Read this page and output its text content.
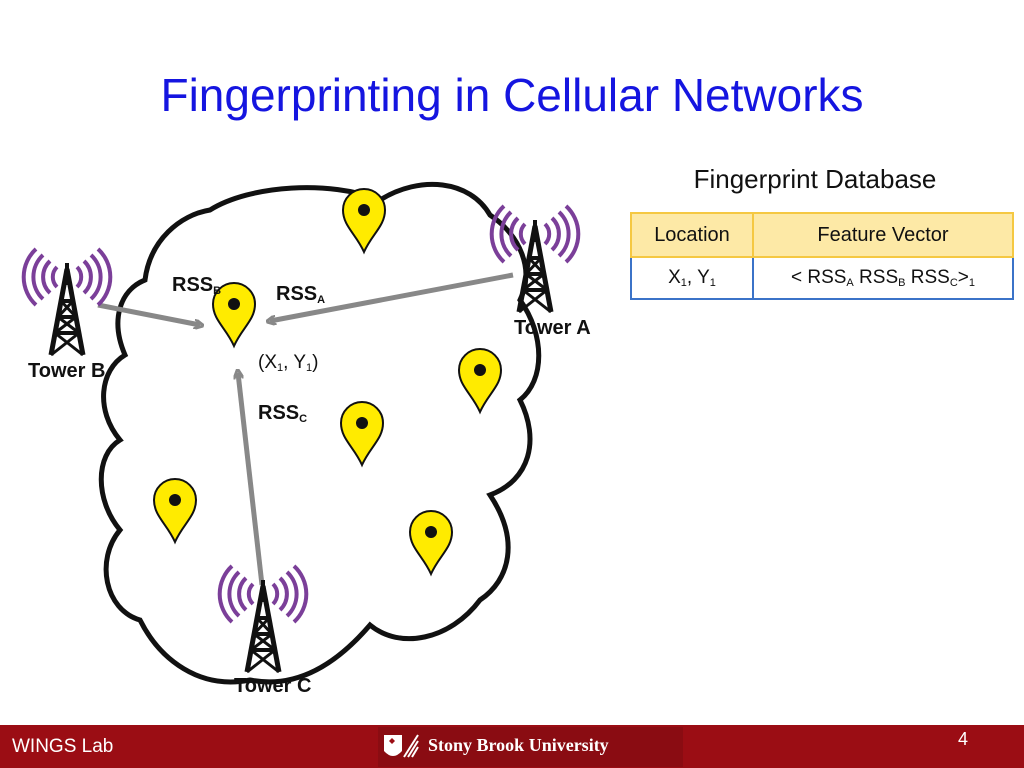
Fingerprinting in Cellular Networks
Tower A
Tower B
Tower C
$RSS_B$	$RSS_A$
$RSS_C$
($X_1$, $Y_1$)
Fingerprint Database
Location	Feature Vector
$X_1$, $Y_1$	< $RSS_A$ $RSS_B$ $RSS_C>_1$
Stony Brook University
WINGS Lab	4
